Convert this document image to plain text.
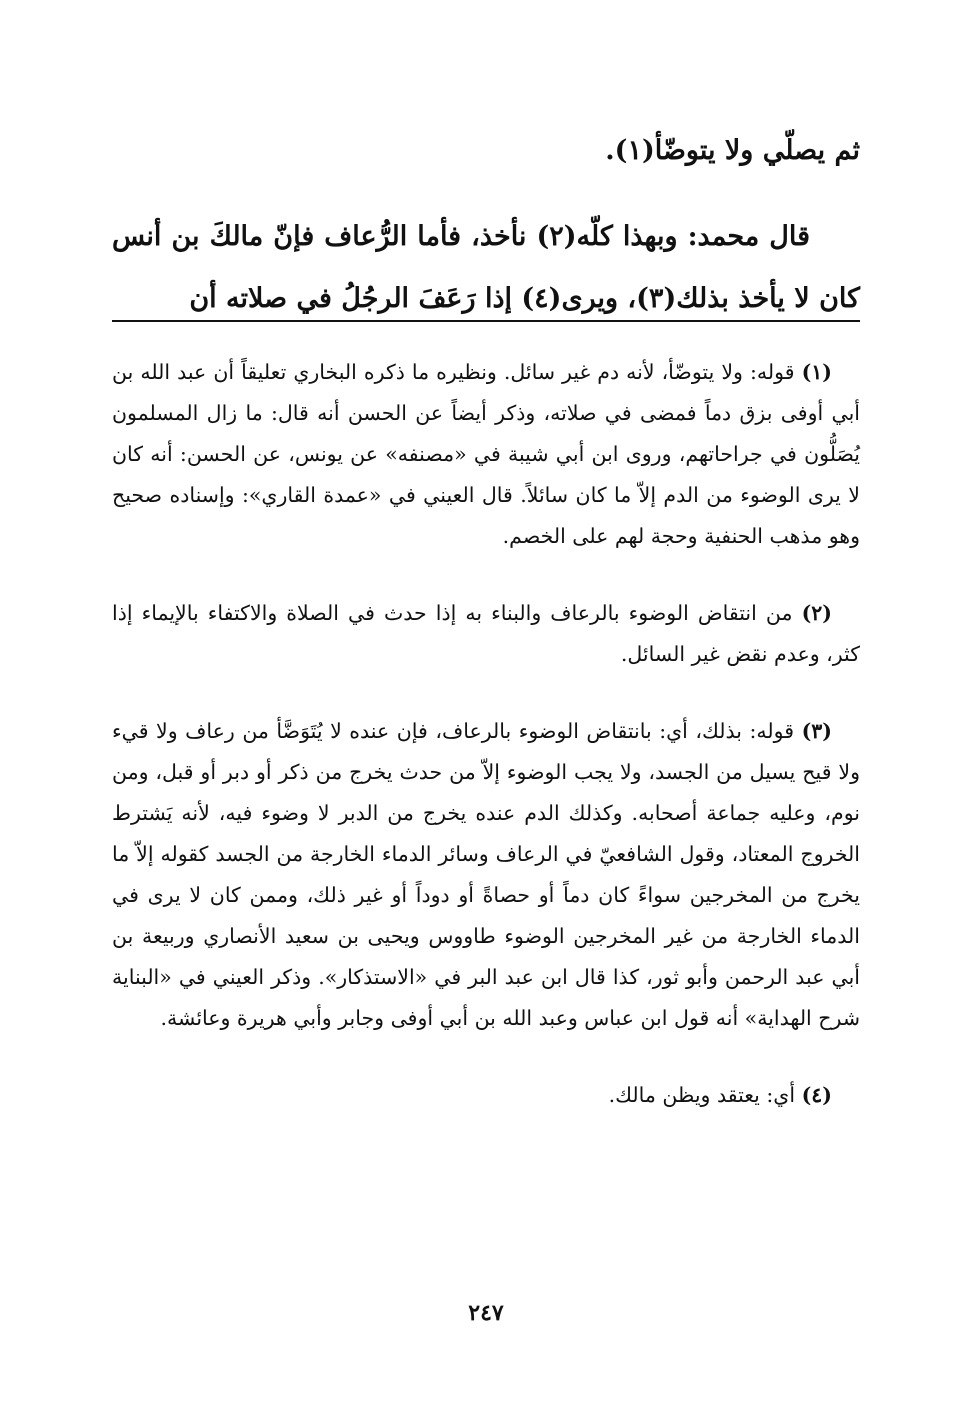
ثم يصلّي ولا يتوضّأ(١).

قال محمد: وبهذا كلّه(٢) نأخذ، فأما الرُّعاف فإنّ مالكَ بن أنس كان لا يأخذ بذلك(٣)، ويرى(٤) إذا رَعَفَ الرجُلُ في صلاته أن

(١) قوله: ولا يتوضّأ، لأنه دم غير سائل. ونظيره ما ذكره البخاري تعليقاً أن عبد الله بن أبي أوفى بزق دماً فمضى في صلاته، وذكر أيضاً عن الحسن أنه قال: ما زال المسلمون يُصَلُّون في جراحاتهم، وروى ابن أبي شيبة في «مصنفه» عن يونس، عن الحسن: أنه كان لا يرى الوضوء من الدم إلاّ ما كان سائلاً. قال العيني في «عمدة القاري»: وإسناده صحيح وهو مذهب الحنفية وحجة لهم على الخصم.

(٢) من انتقاض الوضوء بالرعاف والبناء به إذا حدث في الصلاة والاكتفاء بالإيماء إذا كثر، وعدم نقض غير السائل.

(٣) قوله: بذلك، أي: بانتقاض الوضوء بالرعاف، فإن عنده لا يُتَوَضَّأ من رعاف ولا قيء ولا قيح يسيل من الجسد، ولا يجب الوضوء إلاّ من حدث يخرج من ذكر أو دبر أو قبل، ومن نوم، وعليه جماعة أصحابه. وكذلك الدم عنده يخرج من الدبر لا وضوء فيه، لأنه يَشترط الخروج المعتاد، وقول الشافعيّ في الرعاف وسائر الدماء الخارجة من الجسد كقوله إلاّ ما يخرج من المخرجين سواءً كان دماً أو حصاةً أو دوداً أو غير ذلك، وممن كان لا يرى في الدماء الخارجة من غير المخرجين الوضوء طاووس ويحيى بن سعيد الأنصاري وربيعة بن أبي عبد الرحمن وأبو ثور، كذا قال ابن عبد البر في «الاستذكار». وذكر العيني في «البناية شرح الهداية» أنه قول ابن عباس وعبد الله بن أبي أوفى وجابر وأبي هريرة وعائشة.

(٤) أي: يعتقد ويظن مالك.

٢٤٧
